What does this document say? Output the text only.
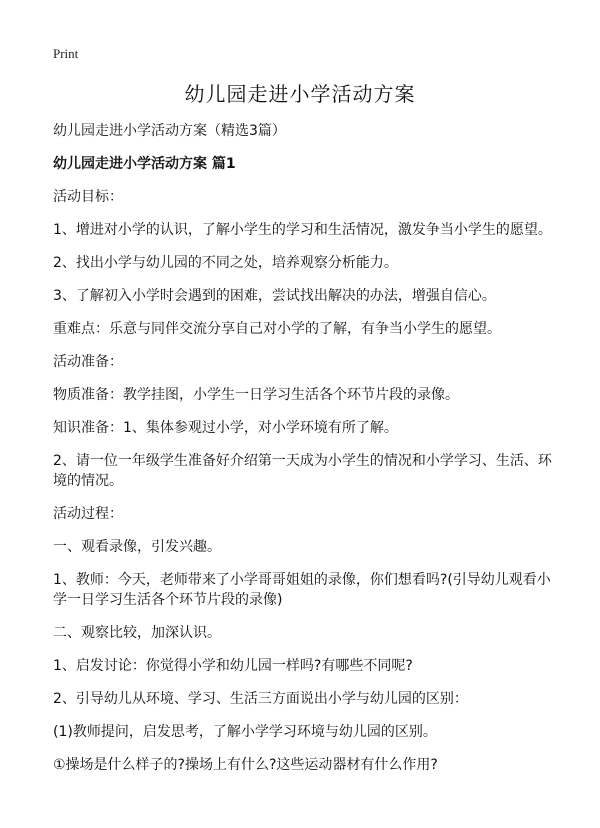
Print
幼儿园走进小学活动方案

幼儿园走进小学活动方案（精选3篇）

幼儿园走进小学活动方案 篇1

活动目标：

1、增进对小学的认识，了解小学生的学习和生活情况，激发争当小学生的愿望。

2、找出小学与幼儿园的不同之处，培养观察分析能力。

3、了解初入小学时会遇到的困难，尝试找出解决的办法，增强自信心。

重难点：乐意与同伴交流分享自己对小学的了解，有争当小学生的愿望。

活动准备：

物质准备：教学挂图，小学生一日学习生活各个环节片段的录像。

知识准备：1、集体参观过小学，对小学环境有所了解。

2、请一位一年级学生准备好介绍第一天成为小学生的情况和小学学习、生活、环境的情况。

活动过程：

一、观看录像，引发兴趣。

1、教师：今天，老师带来了小学哥哥姐姐的录像，你们想看吗?(引导幼儿观看小学一日学习生活各个环节片段的录像)

二、观察比较，加深认识。

1、启发讨论：你觉得小学和幼儿园一样吗?有哪些不同呢?

2、引导幼儿从环境、学习、生活三方面说出小学与幼儿园的区别：

(1)教师提问，启发思考，了解小学学习环境与幼儿园的区别。

①操场是什么样子的?操场上有什么?这些运动器材有什么作用?
